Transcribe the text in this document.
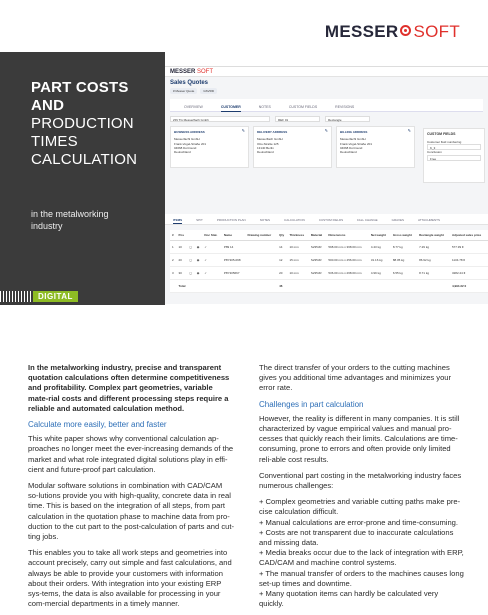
MESSER SOFT
PART COSTS
AND
PRODUCTION
TIMES
CALCULATION
in the metalworking
industry
DIGITAL
MESSER SOFT
Sales Quotes
# Messer Quote	GSVRD
OVERVIEW	CUSTOMER	NOTES	CUSTOM FIELDS	REVISIONS
ZIN TG Messerflach Gmbh	REF 01	Rectangle
BUSINESS ADDRESS	✎
Messerfachl GmbH
Frank-Vogel-Straße 201
04668 Dortmund
Deutschland
DELIVERY ADDRESS	✎
Messerflach GmbH
Otto-Straße 125
13140 Berlin
Deutschland
BILLING ADDRESS	✎
Messerfachl GmbH
Frank-Vogel-Straße 201
04668 Dortmund
Deutschland
CUSTOM FIELDS
Customer fluid numbering
K_3
Conclusion
Free
ITEMS	SPIT	PRODUCTION PLAN	NOTES	CALCULATION	CUSTOM FIELDS	FALL CHANGE	GRAVES	ATTACHMENTS
#	Pos			Doc Stat.	Name	Drawing number	Qty	Thickness	Material	Dimensions	Net weight	Gross weight	Rectangle weight	Adjusted sales price
1	10	◻	◉	✓	P89 14		14	10 mm	S235JR	598.00 mm x 368.00 mm	4.43 kg	8.77 kg	7.29 kg	577.99 €
2	20	◻	◉	✓	P8Y305-098		12	15 mm	S235JR	500.00 mm x 456.00 mm	31.16 kg	88.05 kg	86.92 kg	1134.78 €
3	30	◻	◉	✓	P8Y305667		20	10 mm	S235JR	536.00 mm x 268.00 mm	4.99 kg	6.55 kg	8.71 kg	3282.24 €
	Total						46							4,994.32 €

In the metalworking industry, precise and transparent quotation calculations often determine competitiveness and profitability. Complex part geometries, variable mate-rial costs and different processing steps require a reliable and automated calculation method.

Calculate more easily, better and faster

This white paper shows why conventional calculation ap-proaches no longer meet the ever-increasing demands of the market and what role integrated digital solutions play in effi-cient and future-proof part calculation.

Modular software solutions in combination with CAD/CAM so-lutions provide you with high-quality, concrete data in real time. This is based on the integration of all steps, from part calculation in the quotation phase to machine data from pro-duction to the cut part to the post-calculation of parts and cut-ting jobs.

This enables you to take all work steps and geometries into account precisely, carry out simple and fast calculations, and always be able to provide your customers with information about their orders. With integration into your existing ERP sys-tems, the data is also available for processing in your com-mercial departments in a timely manner.

The direct transfer of your orders to the cutting machines gives you additional time advantages and minimizes your error rate.

Challenges in part calculation

However, the reality is different in many companies. It is still characterized by vague empirical values and manual pro-cesses that quickly reach their limits. Calculations are time-consuming, prone to errors and often provide only limited reli-able cost results.

Conventional part costing in the metalworking industry faces numerous challenges:

+ Complex geometries and variable cutting paths make pre- cise calculation difficult.
+ Manual calculations are error-prone and time-consuming.
+ Costs are not transparent due to inaccurate calculations and missing data.
+ Media breaks occur due to the lack of integration with ERP, CAD/CAM and machine control systems.
+ The manual transfer of orders to the machines causes long set-up times and downtime.
+ Many quotation items can hardly be calculated very quickly.
